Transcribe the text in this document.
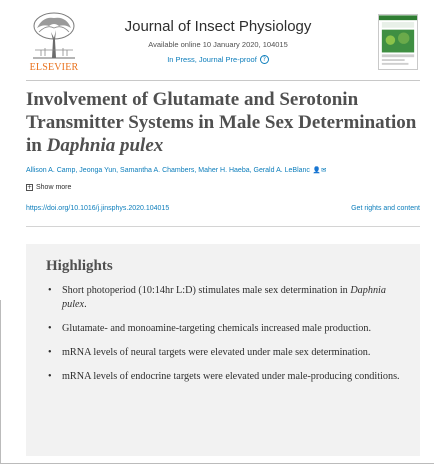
ELSEVIER
Journal of Insect Physiology
Available online 10 January 2020, 104015
In Press, Journal Pre-proof ?
Involvement of Glutamate and Serotonin Transmitter Systems in Male Sex Determination in Daphnia pulex
Allison A. Camp, Jeonga Yun, Samantha A. Chambers, Maher H. Haeba, Gerald A. LeBlanc 👤✉
+ Show more
https://doi.org/10.1016/j.jinsphys.2020.104015	Get rights and content
Highlights
• Short photoperiod (10:14hr L:D) stimulates male sex determination in Daphnia pulex.
• Glutamate- and monoamine-targeting chemicals increased male production.
• mRNA levels of neural targets were elevated under male sex determination.
• mRNA levels of endocrine targets were elevated under male-producing conditions.
